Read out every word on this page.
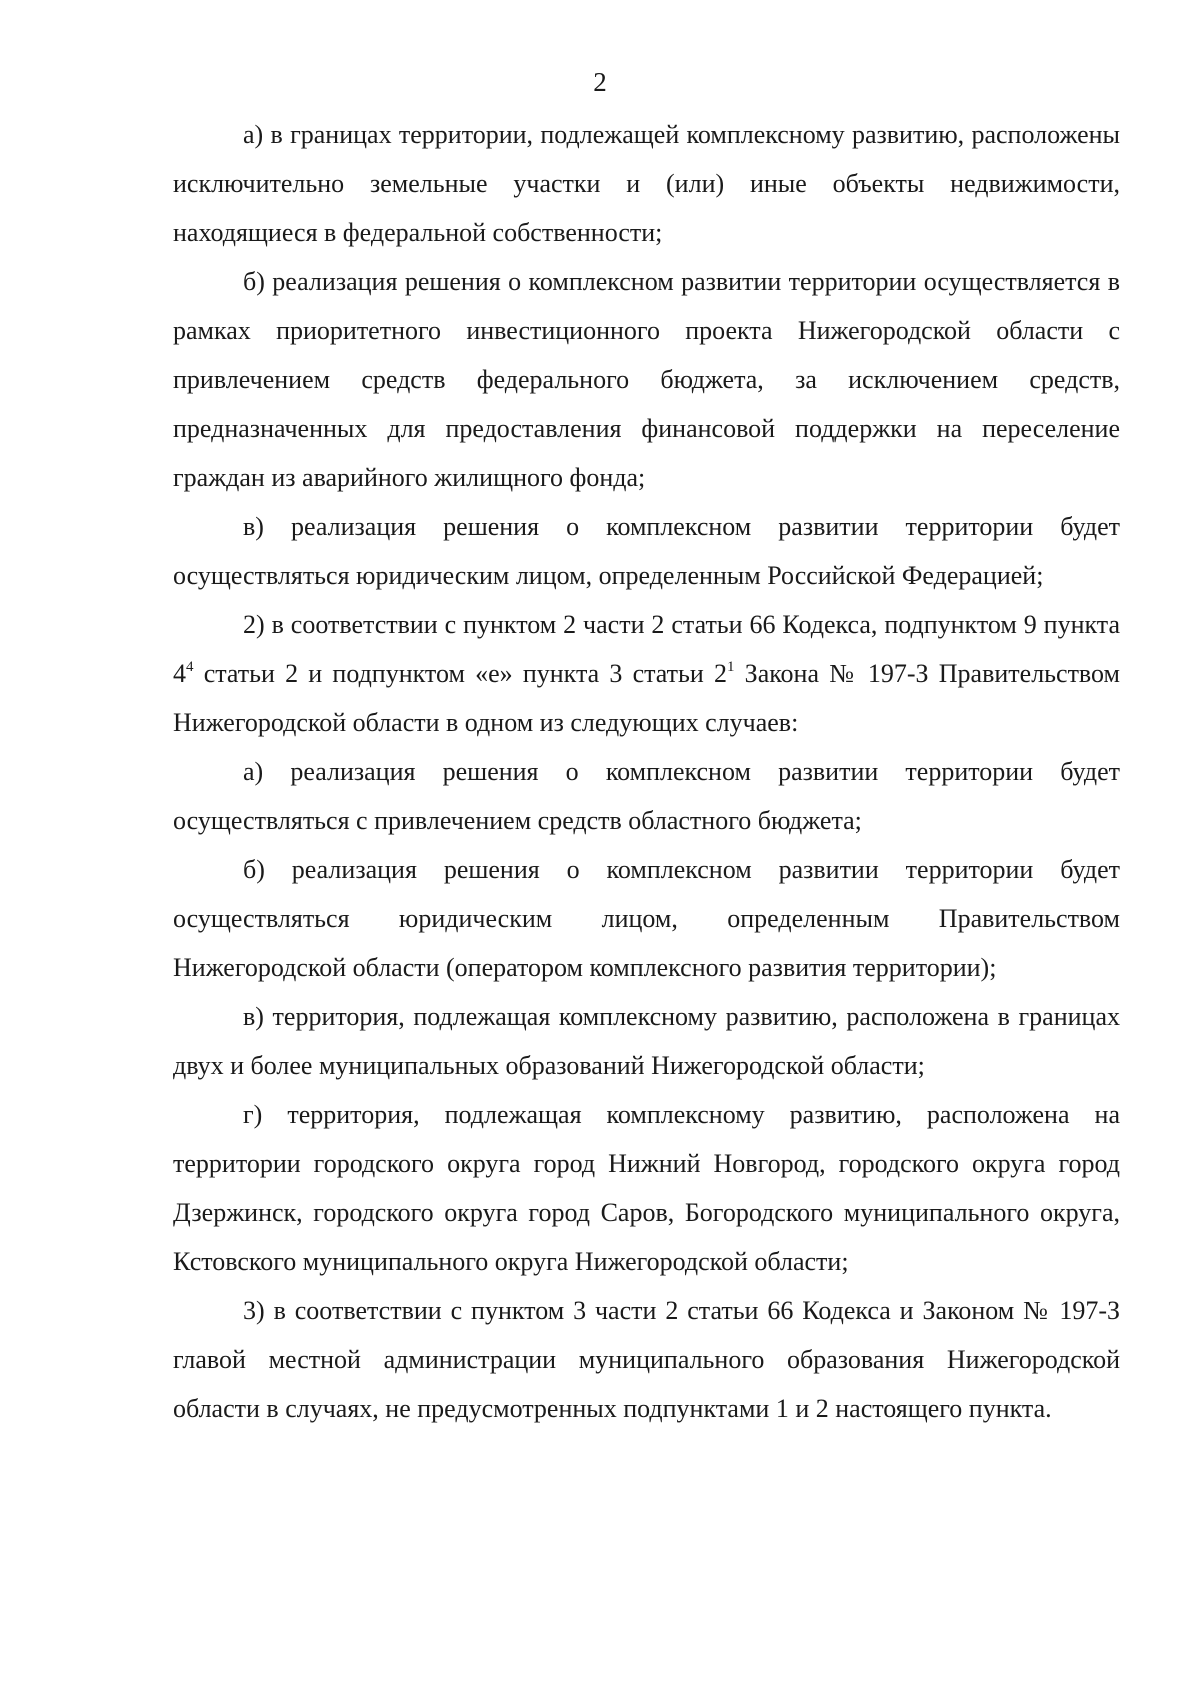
2

а) в границах территории, подлежащей комплексному развитию, расположены исключительно земельные участки и (или) иные объекты недвижимости, находящиеся в федеральной собственности;

б) реализация решения о комплексном развитии территории осуществляется в рамках приоритетного инвестиционного проекта Нижегородской области с привлечением средств федерального бюджета, за исключением средств, предназначенных для предоставления финансовой поддержки на переселение граждан из аварийного жилищного фонда;

в) реализация решения о комплексном развитии территории будет осуществляться юридическим лицом, определенным Российской Федерацией;

2) в соответствии с пунктом 2 части 2 статьи 66 Кодекса, подпунктом 9 пункта $4^4$ статьи 2 и подпунктом «е» пункта 3 статьи $2^1$ Закона № 197-З Правительством Нижегородской области в одном из следующих случаев:

а) реализация решения о комплексном развитии территории будет осуществляться с привлечением средств областного бюджета;

б) реализация решения о комплексном развитии территории будет осуществляться юридическим лицом, определенным Правительством Нижегородской области (оператором комплексного развития территории);

в) территория, подлежащая комплексному развитию, расположена в границах двух и более муниципальных образований Нижегородской области;

г) территория, подлежащая комплексному развитию, расположена на территории городского округа город Нижний Новгород, городского округа город Дзержинск, городского округа город Саров, Богородского муниципального округа, Кстовского муниципального округа Нижегородской области;

3) в соответствии с пунктом 3 части 2 статьи 66 Кодекса и Законом № 197-З главой местной администрации муниципального образования Нижегородской области в случаях, не предусмотренных подпунктами 1 и 2 настоящего пункта.
